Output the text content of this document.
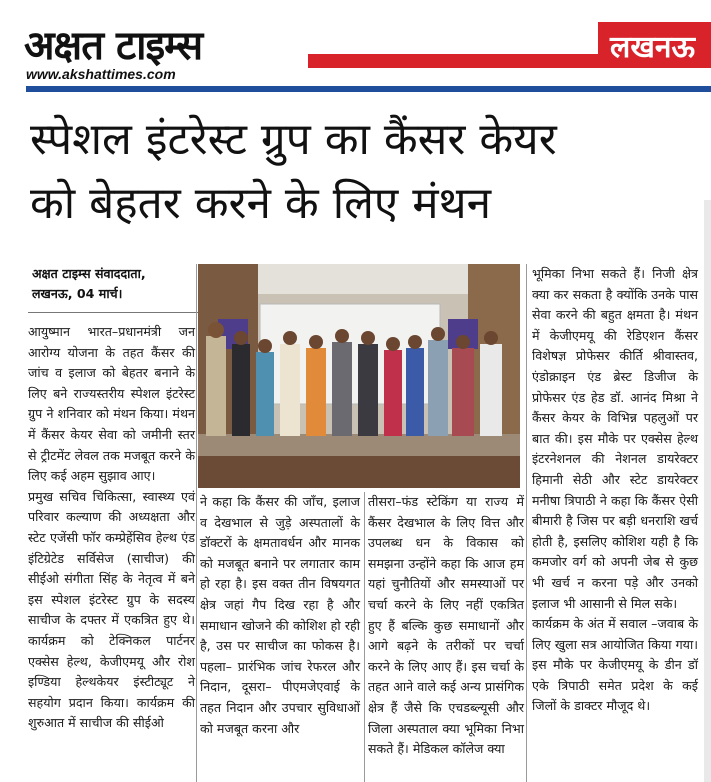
अक्षत टाइम्स
www.akshattimes.com
लखनऊ
स्पेशल इंटरेस्ट ग्रुप का कैंसर केयर
को बेहतर करने के लिए मंथन
अक्षत टाइम्स संवाददाता,
लखनऊ, 04 मार्च।

आयुष्मान भारत–प्रधानमंत्री जन आरोग्य योजना के तहत कैंसर की जांच व इलाज को बेहतर बनाने के लिए बने राज्यस्तरीय स्पेशल इंटरेस्ट ग्रुप ने शनिवार को मंथन किया। मंथन में कैंसर केयर सेवा को जमीनी स्तर से ट्रीटमेंट लेवल तक मजबूत करने के लिए कई अहम सुझाव आए।

प्रमुख सचिव चिकित्सा, स्वास्थ्य एवं परिवार कल्याण की अध्यक्षता और स्टेट एजेंसी फॉर कम्प्रेहेंसिव हेल्थ एंड इंटिग्रेटेड सर्विसेज (साचीज) की सीईओ संगीता सिंह के नेतृत्व में बने इस स्पेशल इंटरेस्ट ग्रुप के सदस्य साचीज के दफ्तर में एकत्रित हुए थे। कार्यक्रम को टेक्निकल पार्टनर एक्सेस हेल्थ, केजीएमयू और रोश इण्डिया हेल्थकेयर इंस्टीट्यूट ने सहयोग प्रदान किया। कार्यक्रम की शुरुआत में साचीज की सीईओ

ने कहा कि कैंसर की जाँच, इलाज व देखभाल से जुड़े अस्पतालों के डॉक्टरों के क्षमतावर्धन और मानक को मजबूत बनाने पर लगातार काम हो रहा है। इस वक्त तीन विषयगत क्षेत्र जहां गैप दिख रहा है और समाधान खोजने की कोशिश हो रही है, उस पर साचीज का फोकस है। पहला– प्रारंभिक जांच रेफरल और निदान, दूसरा– पीएमजेएवाई के तहत निदान और उपचार सुविधाओं को मजबूत करना और

तीसरा–फंड स्टेकिंग या राज्य में कैंसर देखभाल के लिए वित्त और उपलब्ध धन के विकास को समझना उन्होंने कहा कि आज हम यहां चुनौतियों और समस्याओं पर चर्चा करने के लिए नहीं एकत्रित हुए हैं बल्कि कुछ समाधानों और आगे बढ़ने के तरीकों पर चर्चा करने के लिए आए हैं। इस चर्चा के तहत आने वाले कई अन्य प्रासंगिक क्षेत्र हैं जैसे कि एचडब्ल्यूसी और जिला अस्पताल क्या भूमिका निभा सकते हैं। मेडिकल कॉलेज क्या

भूमिका निभा सकते हैं। निजी क्षेत्र क्या कर सकता है क्योंकि उनके पास सेवा करने की बहुत क्षमता है। मंथन में केजीएमयू की रेडिएशन कैंसर विशेषज्ञ प्रोफेसर कीर्ति श्रीवास्तव, एंडोक्राइन एंड ब्रेस्ट डिजीज के प्रोफेसर एंड हेड डॉ. आनंद मिश्रा ने कैंसर केयर के विभिन्न पहलुओं पर बात की। इस मौके पर एक्सेस हेल्थ इंटरनेशनल की नेशनल डायरेक्टर हिमानी सेठी और स्टेट डायरेक्टर मनीषा त्रिपाठी ने कहा कि कैंसर ऐसी बीमारी है जिस पर बड़ी धनराशि खर्च होती है, इसलिए कोशिश यही है कि कमजोर वर्ग को अपनी जेब से कुछ भी खर्च न करना पड़े और उनको इलाज भी आसानी से मिल सके।

कार्यक्रम के अंत में सवाल –जवाब के लिए खुला सत्र आयोजित किया गया। इस मौके पर केजीएमयू के डीन डॉ एके त्रिपाठी समेत प्रदेश के कई जिलों के डाक्टर मौजूद थे।
